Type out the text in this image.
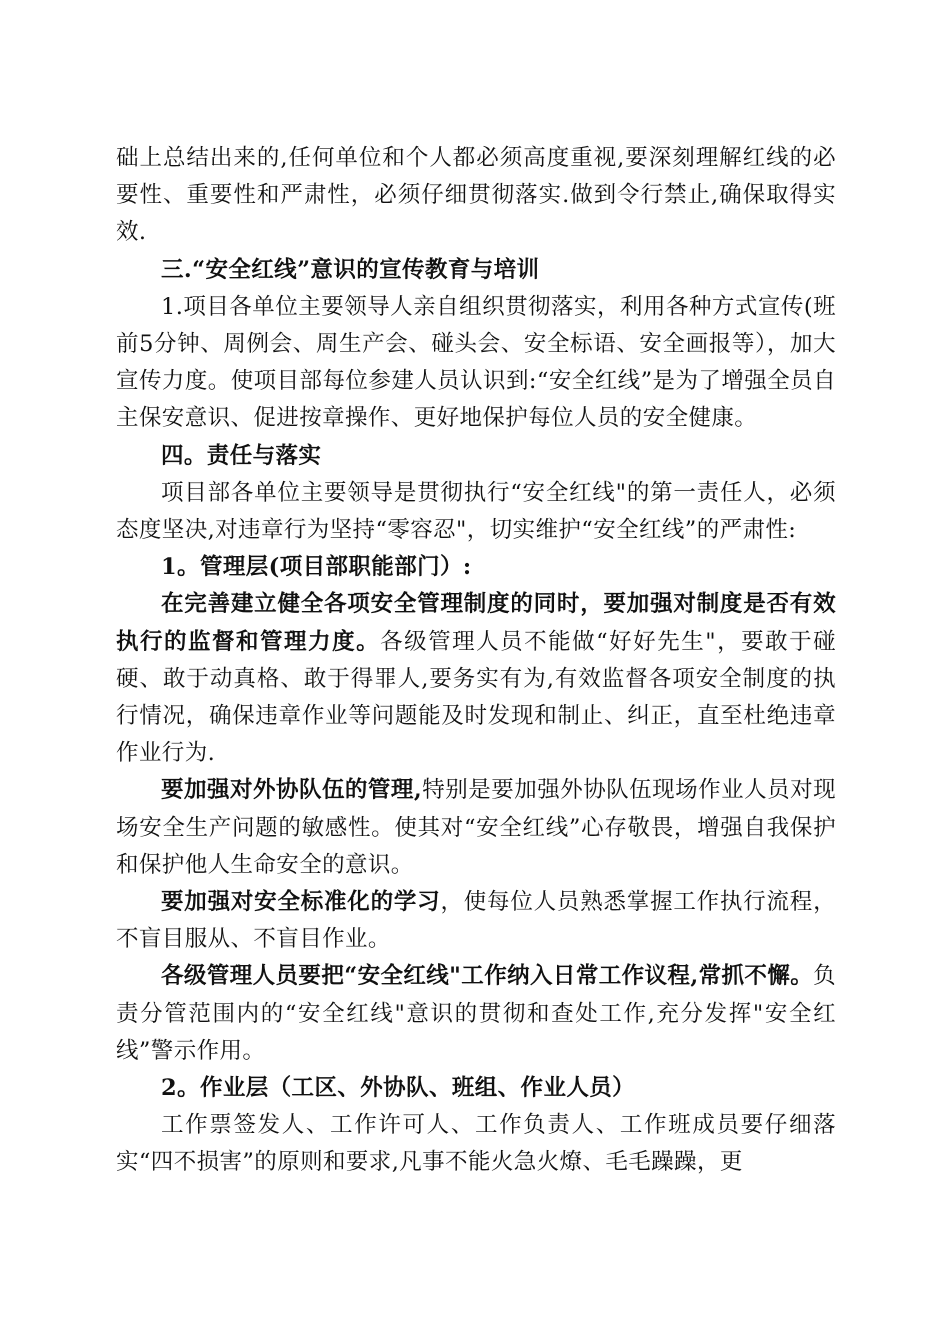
础上总结出来的,任何单位和个人都必须高度重视,要深刻理解红线的必要性、重要性和严肃性，必须仔细贯彻落实.做到令行禁止,确保取得实效.

三.“安全红线”意识的宣传教育与培训

1.项目各单位主要领导人亲自组织贯彻落实，利用各种方式宣传(班前5分钟、周例会、周生产会、碰头会、安全标语、安全画报等），加大宣传力度。使项目部每位参建人员认识到:“安全红线”是为了增强全员自主保安意识、促进按章操作、更好地保护每位人员的安全健康。

四。责任与落实

项目部各单位主要领导是贯彻执行“安全红线"的第一责任人，必须态度坚决,对违章行为坚持“零容忍"，切实维护“安全红线”的严肃性:

1。管理层(项目部职能部门）:

在完善建立健全各项安全管理制度的同时，要加强对制度是否有效执行的监督和管理力度。各级管理人员不能做“好好先生"，要敢于碰硬、敢于动真格、敢于得罪人,要务实有为,有效监督各项安全制度的执行情况，确保违章作业等问题能及时发现和制止、纠正，直至杜绝违章作业行为.

要加强对外协队伍的管理,特别是要加强外协队伍现场作业人员对现场安全生产问题的敏感性。使其对“安全红线”心存敬畏，增强自我保护和保护他人生命安全的意识。

要加强对安全标准化的学习，使每位人员熟悉掌握工作执行流程，不盲目服从、不盲目作业。

各级管理人员要把“安全红线"工作纳入日常工作议程,常抓不懈。负责分管范围内的“安全红线"意识的贯彻和查处工作,充分发挥"安全红线”警示作用。

2。作业层（工区、外协队、班组、作业人员）

工作票签发人、工作许可人、工作负责人、工作班成员要仔细落实“四不损害”的原则和要求,凡事不能火急火燎、毛毛躁躁，更
